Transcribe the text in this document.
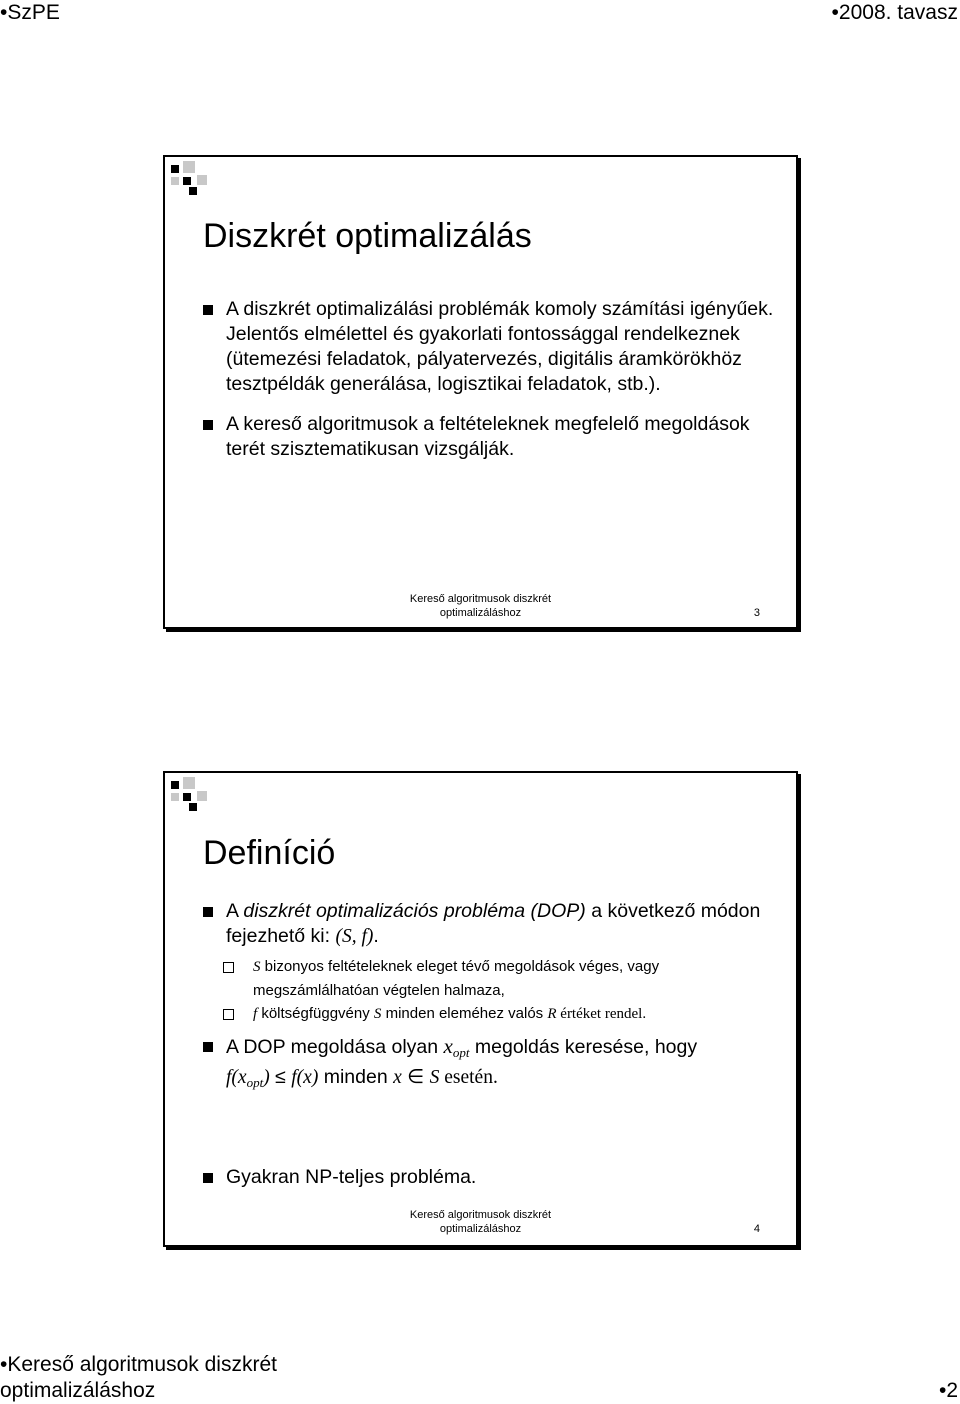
•SzPE	•2008. tavasz
Diszkrét optimalizálás
A diszkrét optimalizálási problémák komoly számítási igényűek. Jelentős elmélettel és gyakorlati fontossággal rendelkeznek (ütemezési feladatok, pályatervezés, digitális áramkörökhöz tesztpéldák generálása, logisztikai feladatok, stb.).
A kereső algoritmusok a feltételeknek megfelelő megoldások terét szisztematikusan vizsgálják.
Kereső algoritmusok diszkrét
optimalizáláshoz	3
Definíció
A diszkrét optimalizációs probléma (DOP) a következő módon fejezhető ki: (S, f).
S bizonyos feltételeknek eleget tévő megoldások véges, vagy megszámlálhatóan végtelen halmaza,
f költségfüggvény S minden eleméhez valós R értéket rendel.
A DOP megoldása olyan $x_{opt}$ megoldás keresése, hogy
$f(x_{opt}) \le f(x)$ minden x ∈ S esetén.
Gyakran NP-teljes probléma.
Kereső algoritmusok diszkrét
optimalizáláshoz	4
•Kereső algoritmusok diszkrét
optimalizáláshoz	•2
